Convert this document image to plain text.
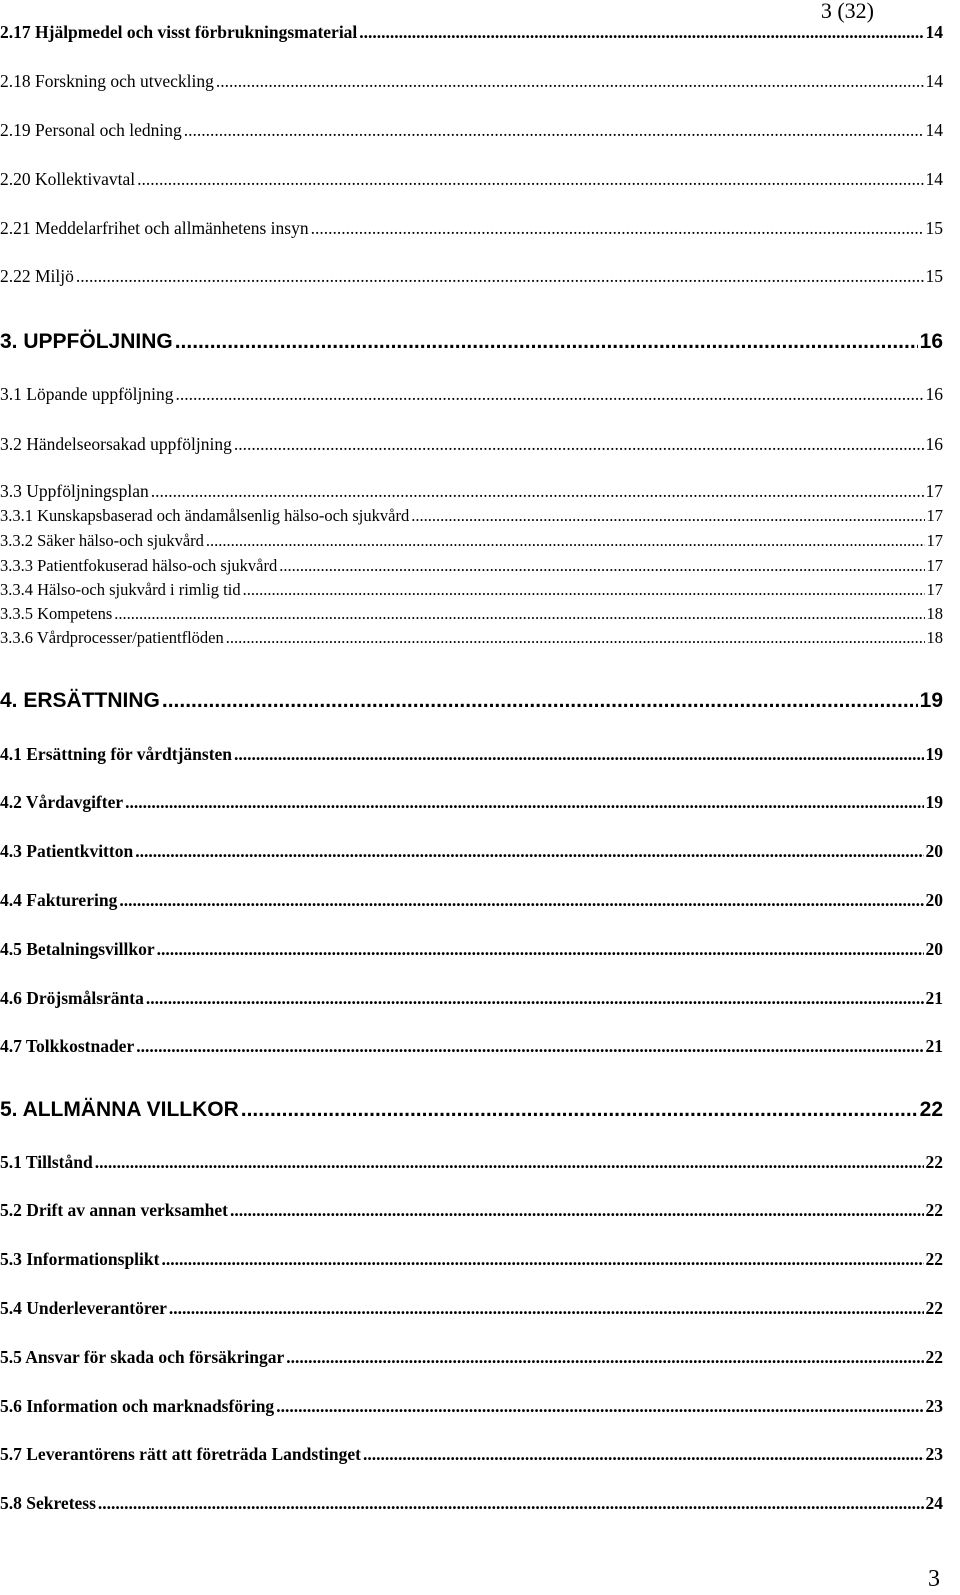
3 (32)
2.17 Hjälpmedel och visst förbrukningsmaterial .....	14
2.18 Forskning och utveckling .....	14
2.19 Personal och ledning .....	14
2.20 Kollektivavtal .....	14
2.21 Meddelarfrihet och allmänhetens insyn .....	15
2.22 Miljö .....	15
3. UPPFÖLJNING .....	16
3.1 Löpande uppföljning .....	16
3.2 Händelseorsakad uppföljning .....	16
3.3 Uppföljningsplan .....	17
3.3.1 Kunskapsbaserad och ändamålsenlig hälso-och sjukvård .....	17
3.3.2 Säker hälso-och sjukvård .....	17
3.3.3 Patientfokuserad hälso-och sjukvård .....	17
3.3.4 Hälso-och sjukvård i rimlig tid .....	17
3.3.5 Kompetens .....	18
3.3.6 Vårdprocesser/patientflöden .....	18
4. ERSÄTTNING .....	19
4.1 Ersättning för vårdtjänsten .....	19
4.2 Vårdavgifter .....	19
4.3 Patientkvitton .....	20
4.4 Fakturering .....	20
4.5 Betalningsvillkor .....	20
4.6 Dröjsmålsränta .....	21
4.7 Tolkkostnader .....	21
5. ALLMÄNNA VILLKOR .....	22
5.1 Tillstånd .....	22
5.2 Drift av annan verksamhet .....	22
5.3 Informationsplikt .....	22
5.4 Underleverantörer .....	22
5.5 Ansvar för skada och försäkringar .....	22
5.6 Information och marknadsföring .....	23
5.7 Leverantörens rätt att företräda Landstinget .....	23
5.8 Sekretess .....	24
3
